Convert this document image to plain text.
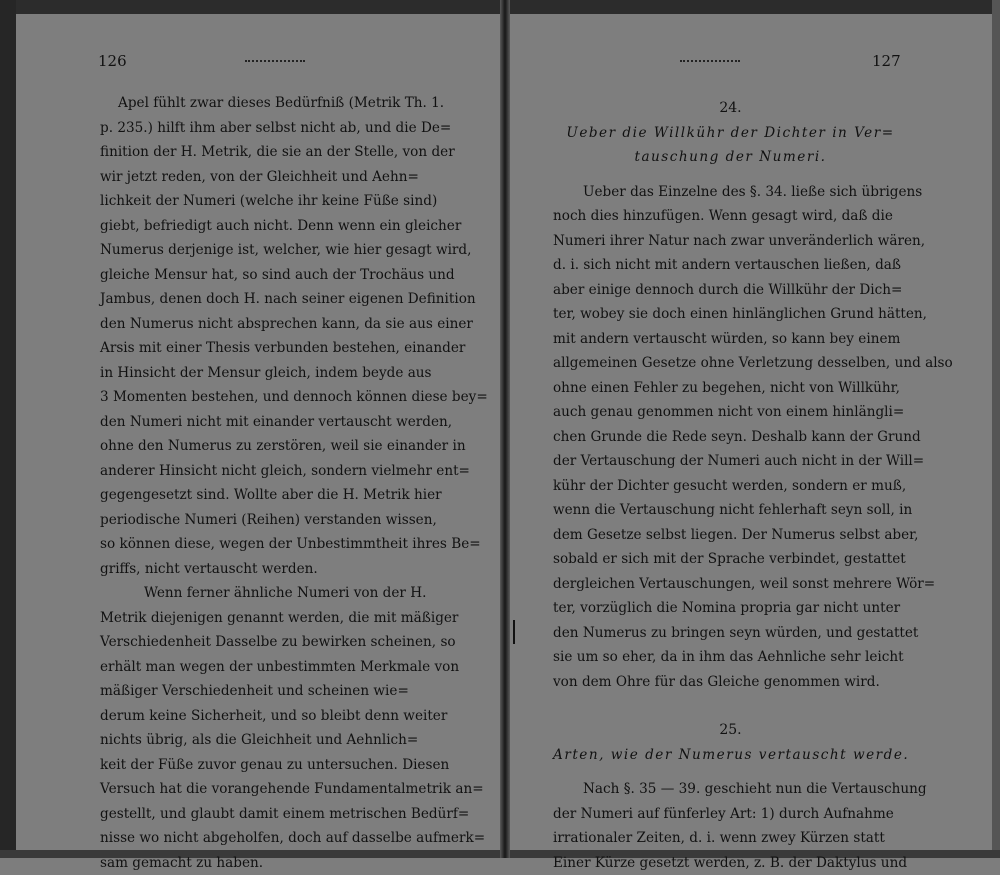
126	127
Apel fühlt zwar dieses Bedürfniß (Metrik Th. 1.
p. 235.) hilft ihm aber selbst nicht ab, und die De=
finition der H. Metrik, die sie an der Stelle, von der
wir jetzt reden, von der Gleichheit und Aehn=
lichkeit der Numeri (welche ihr keine Füße sind)
giebt, befriedigt auch nicht. Denn wenn ein gleicher
Numerus derjenige ist, welcher, wie hier gesagt wird,
gleiche Mensur hat, so sind auch der Trochäus und
Jambus, denen doch H. nach seiner eigenen Definition
den Numerus nicht absprechen kann, da sie aus einer
Arsis mit einer Thesis verbunden bestehen, einander
in Hinsicht der Mensur gleich, indem beyde aus
3 Momenten bestehen, und dennoch können diese bey=
den Numeri nicht mit einander vertauscht werden,
ohne den Numerus zu zerstören, weil sie einander in
anderer Hinsicht nicht gleich, sondern vielmehr ent=
gegengesetzt sind. Wollte aber die H. Metrik hier
periodische Numeri (Reihen) verstanden wissen,
so können diese, wegen der Unbestimmtheit ihres Be=
griffs, nicht vertauscht werden.
Wenn ferner ähnliche Numeri von der H.
Metrik diejenigen genannt werden, die mit mäßiger
Verschiedenheit Dasselbe zu bewirken scheinen, so
erhält man wegen der unbestimmten Merkmale von
mäßiger Verschiedenheit und scheinen wie=
derum keine Sicherheit, und so bleibt denn weiter
nichts übrig, als die Gleichheit und Aehnlich=
keit der Füße zuvor genau zu untersuchen. Diesen
Versuch hat die vorangehende Fundamentalmetrik an=
gestellt, und glaubt damit einem metrischen Bedürf=
nisse wo nicht abgeholfen, doch auf dasselbe aufmerk=
sam gemacht zu haben.
24.
Ueber die Willkühr der Dichter in Ver=
tauschung der Numeri.
Ueber das Einzelne des §. 34. ließe sich übrigens
noch dies hinzufügen. Wenn gesagt wird, daß die
Numeri ihrer Natur nach zwar unveränderlich wären,
d. i. sich nicht mit andern vertauschen ließen, daß
aber einige dennoch durch die Willkühr der Dich=
ter, wobey sie doch einen hinlänglichen Grund hätten,
mit andern vertauscht würden, so kann bey einem
allgemeinen Gesetze ohne Verletzung desselben, und also
ohne einen Fehler zu begehen, nicht von Willkühr,
auch genau genommen nicht von einem hinlängli=
chen Grunde die Rede seyn. Deshalb kann der Grund
der Vertauschung der Numeri auch nicht in der Will=
kühr der Dichter gesucht werden, sondern er muß,
wenn die Vertauschung nicht fehlerhaft seyn soll, in
dem Gesetze selbst liegen. Der Numerus selbst aber,
sobald er sich mit der Sprache verbindet, gestattet
dergleichen Vertauschungen, weil sonst mehrere Wör=
ter, vorzüglich die Nomina propria gar nicht unter
den Numerus zu bringen seyn würden, und gestattet
sie um so eher, da in ihm das Aehnliche sehr leicht
von dem Ohre für das Gleiche genommen wird.
25.
Arten, wie der Numerus vertauscht werde.
Nach §. 35 — 39. geschieht nun die Vertauschung
der Numeri auf fünferley Art: 1) durch Aufnahme
irrationaler Zeiten, d. i. wenn zwey Kürzen statt
Einer Kürze gesetzt werden, z. B. der Daktylus und
